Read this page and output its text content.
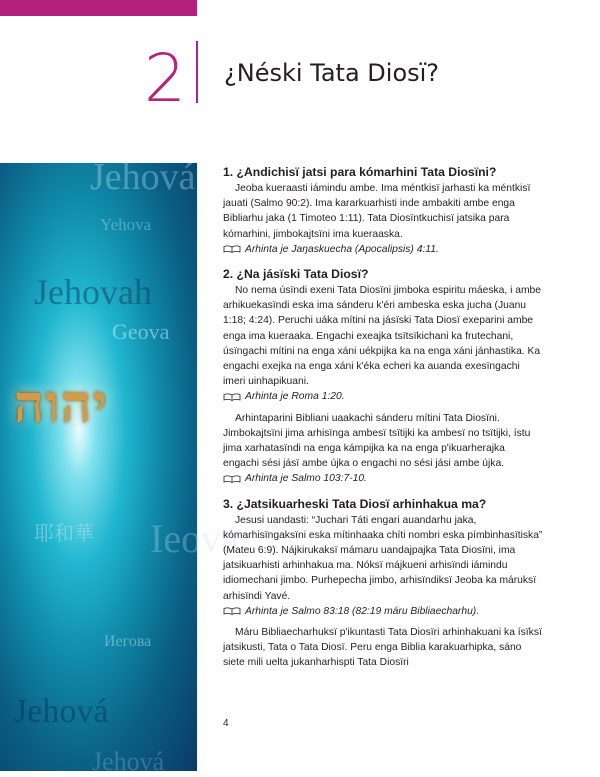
2 ¿Néski Tata Diosï?
Jehová
Yehova
Jehovah
Geova
耶和華
Иегова
Ieova
Jehová
Jehová
יהוה

1. ¿Andichisï jatsi para kómarhini Tata Diosïni?

Jeoba kueraasti iámindu ambe. Ima méntkisï jarhasti ka méntkisï jauati (Salmo 90:2). Ima kararkuarhisti inde ambakiti ambe enga Bibliarhu jaka (1 Timoteo 1:11). Tata Diosïntkuchisï jatsika para kómarhini, jimbokajtsïni ima kueraaska.

Arhinta je Jaŋaskuecha (Apocalipsis) 4:11.

2. ¿Na jásïski Tata Diosï?

No nema úsïndi exeni Tata Diosïni jimboka espiritu máeska, i ambe arhikuekasïndi eska ima sánderu k'éri ambeska eska jucha (Juanu 1:18; 4:24). Peruchi uáka mítini na jásïski Tata Diosï exeparini ambe enga ima kueraaka. Engachi exeajka tsïtsïkichani ka frutechani, úsïngachi mítini na enga xáni uékpijka ka na enga xáni jánhastika. Ka engachi exejka na enga xáni k'éka echeri ka auanda exesïngachi imeri uinhapikuani.

Arhinta je Roma 1:20.

Arhintaparini Bibliani uaakachi sánderu mítini Tata Diosïni. Jimbokajtsïni jima arhisïnga ambesï tsïtijki ka ambesï no tsïtijki, ístu jima xarhatasïndi na enga kámpijka ka na enga p'ikuarherajka engachi sési jásï ambe újka o engachi no sési jási ambe újka.

Arhinta je Salmo 103:7-10.

3. ¿Jatsikuarheski Tata Diosï arhinhakua ma?

Jesusi uandasti: “Juchari Táti engari auandarhu jaka, kómarhisïngaksïni eska mítinhaaka chíti nombri eska pímbinhasïtiska” (Mateu 6:9). Nájkirukaksï mámaru uandajpajka Tata Diosïni, ima jatsikuarhisti arhinhakua ma. Nóksï májkueni arhisïndi iámindu idiomechani jimbo. Purhepecha jimbo, arhisïndiksï Jeoba ka máruksï arhisïndi Yavé.

Arhinta je Salmo 83:18 (82:19 máru Bibliaecharhu).

Máru Bibliaecharhuksï p'ikuntasti Tata Diosïri arhinhakuani ka ísïksï jatsikusti, Tata o Tata Diosï. Peru enga Biblia karakuarhipka, sáno siete mili uelta jukanharhispti Tata Diosïri

4
